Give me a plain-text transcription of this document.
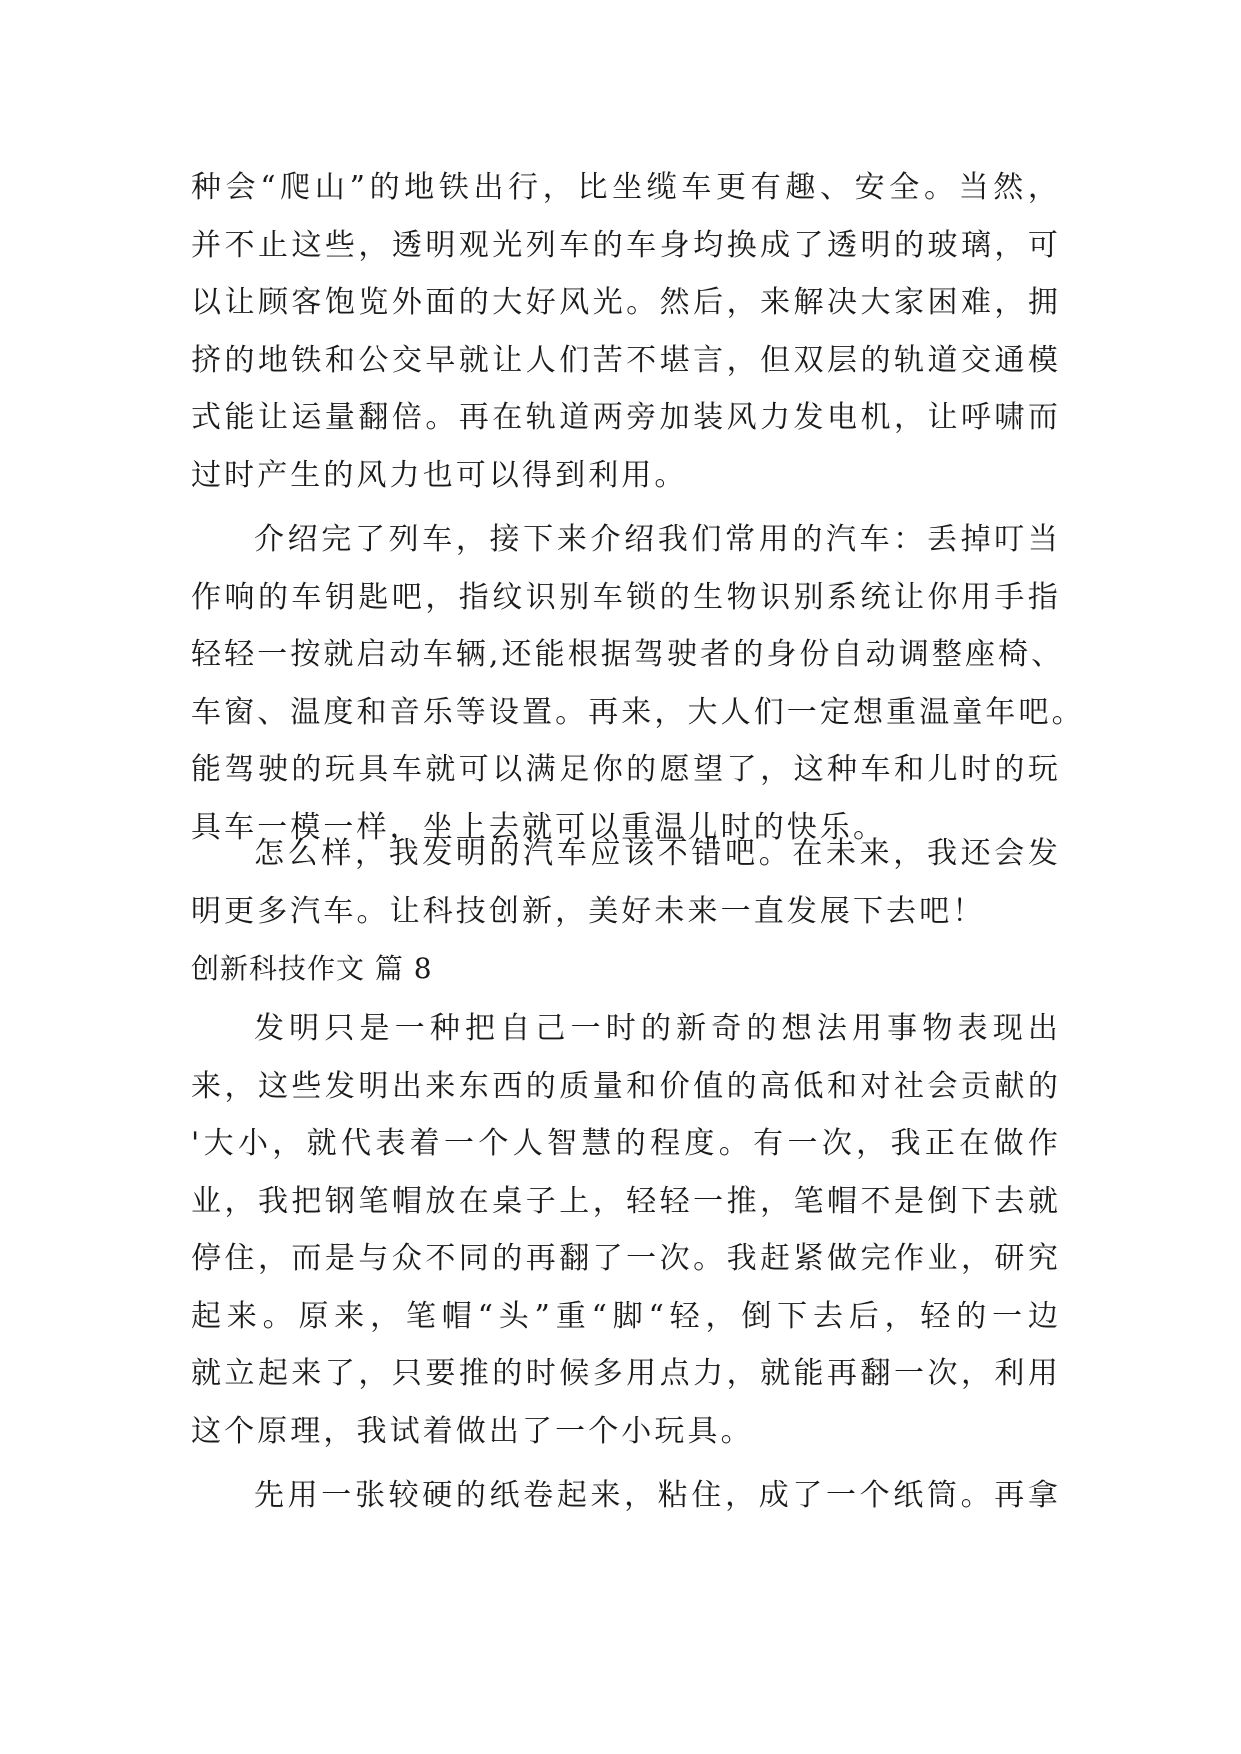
种会“爬山”的地铁出行，比坐缆车更有趣、安全。当然，
并不止这些，透明观光列车的车身均换成了透明的玻璃，可
以让顾客饱览外面的大好风光。然后，来解决大家困难，拥
挤的地铁和公交早就让人们苦不堪言，但双层的轨道交通模
式能让运量翻倍。再在轨道两旁加装风力发电机，让呼啸而
过时产生的风力也可以得到利用。
介绍完了列车，接下来介绍我们常用的汽车：丢掉叮当
作响的车钥匙吧，指纹识别车锁的生物识别系统让你用手指
轻轻一按就启动车辆,还能根据驾驶者的身份自动调整座椅、
车窗、温度和音乐等设置。再来，大人们一定想重温童年吧。
能驾驶的玩具车就可以满足你的愿望了，这种车和儿时的玩
具车一模一样，坐上去就可以重温儿时的快乐。
怎么样，我发明的汽车应该不错吧。在未来，我还会发
明更多汽车。让科技创新，美好未来一直发展下去吧！
创新科技作文 篇 8
发明只是一种把自己一时的新奇的想法用事物表现出
来，这些发明出来东西的质量和价值的高低和对社会贡献的
'大小，就代表着一个人智慧的程度。有一次，我正在做作
业，我把钢笔帽放在桌子上，轻轻一推，笔帽不是倒下去就
停住，而是与众不同的再翻了一次。我赶紧做完作业，研究
起来。原来，笔帽“头”重“脚“轻，倒下去后，轻的一边
就立起来了，只要推的时候多用点力，就能再翻一次，利用
这个原理，我试着做出了一个小玩具。
先用一张较硬的纸卷起来，粘住，成了一个纸筒。再拿
